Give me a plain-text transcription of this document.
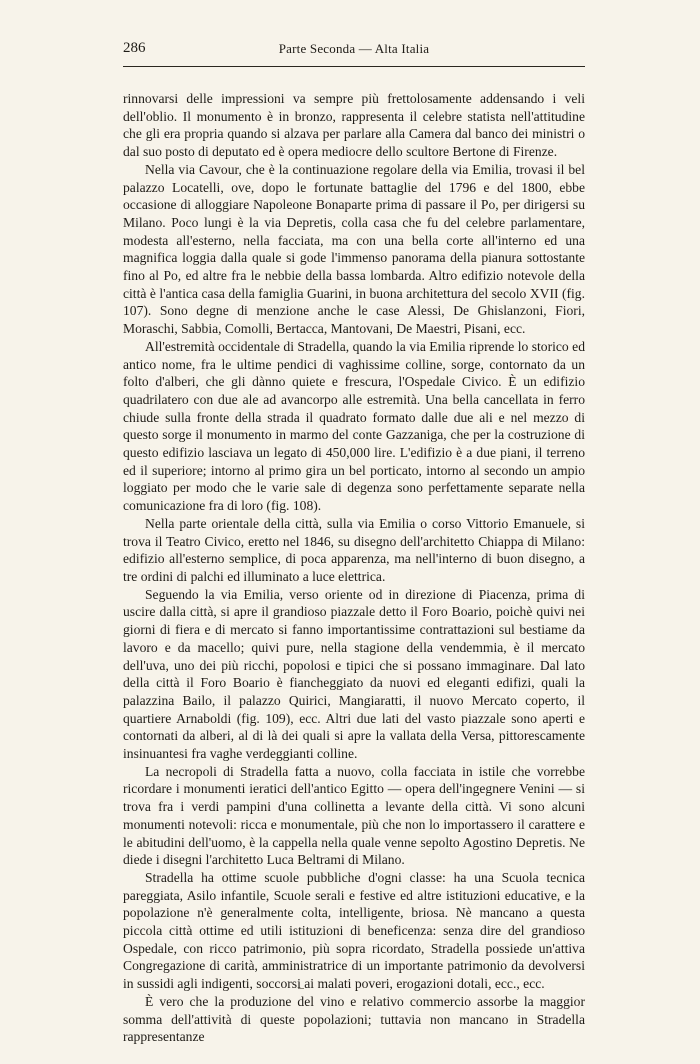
286	Parte Seconda — Alta Italia

rinnovarsi delle impressioni va sempre più frettolosamente addensando i veli dell'oblio. Il monumento è in bronzo, rappresenta il celebre statista nell'attitudine che gli era propria quando si alzava per parlare alla Camera dal banco dei ministri o dal suo posto di deputato ed è opera mediocre dello scultore Bertone di Firenze.

Nella via Cavour, che è la continuazione regolare della via Emilia, trovasi il bel palazzo Locatelli, ove, dopo le fortunate battaglie del 1796 e del 1800, ebbe occasione di alloggiare Napoleone Bonaparte prima di passare il Po, per dirigersi su Milano. Poco lungi è la via Depretis, colla casa che fu del celebre parlamentare, modesta all'esterno, nella facciata, ma con una bella corte all'interno ed una magnifica loggia dalla quale si gode l'immenso panorama della pianura sottostante fino al Po, ed altre fra le nebbie della bassa lombarda. Altro edifizio notevole della città è l'antica casa della famiglia Guarini, in buona architettura del secolo XVII (fig. 107). Sono degne di menzione anche le case Alessi, De Ghislanzoni, Fiori, Moraschi, Sabbia, Comolli, Bertacca, Mantovani, De Maestri, Pisani, ecc.

All'estremità occidentale di Stradella, quando la via Emilia riprende lo storico ed antico nome, fra le ultime pendici di vaghissime colline, sorge, contornato da un folto d'alberi, che gli dànno quiete e frescura, l'Ospedale Civico. È un edifizio quadrilatero con due ale ad avancorpo alle estremità. Una bella cancellata in ferro chiude sulla fronte della strada il quadrato formato dalle due ali e nel mezzo di questo sorge il monumento in marmo del conte Gazzaniga, che per la costruzione di questo edifizio lasciava un legato di 450,000 lire. L'edifizio è a due piani, il terreno ed il superiore; intorno al primo gira un bel porticato, intorno al secondo un ampio loggiato per modo che le varie sale di degenza sono perfettamente separate nella comunicazione fra di loro (fig. 108).

Nella parte orientale della città, sulla via Emilia o corso Vittorio Emanuele, si trova il Teatro Civico, eretto nel 1846, su disegno dell'architetto Chiappa di Milano: edifizio all'esterno semplice, di poca apparenza, ma nell'interno di buon disegno, a tre ordini di palchi ed illuminato a luce elettrica.

Seguendo la via Emilia, verso oriente od in direzione di Piacenza, prima di uscire dalla città, si apre il grandioso piazzale detto il Foro Boario, poichè quivi nei giorni di fiera e di mercato si fanno importantissime contrattazioni sul bestiame da lavoro e da macello; quivi pure, nella stagione della vendemmia, è il mercato dell'uva, uno dei più ricchi, popolosi e tipici che si possano immaginare. Dal lato della città il Foro Boario è fiancheggiato da nuovi ed eleganti edifizi, quali la palazzina Bailo, il palazzo Quirici, Mangiaratti, il nuovo Mercato coperto, il quartiere Arnaboldi (fig. 109), ecc. Altri due lati del vasto piazzale sono aperti e contornati da alberi, al di là dei quali si apre la vallata della Versa, pittorescamente insinuantesi fra vaghe verdeggianti colline.

La necropoli di Stradella fatta a nuovo, colla facciata in istile che vorrebbe ricordare i monumenti ieratici dell'antico Egitto — opera dell'ingegnere Venini — si trova fra i verdi pampini d'una collinetta a levante della città. Vi sono alcuni monumenti notevoli: ricca e monumentale, più che non lo importassero il carattere e le abitudini dell'uomo, è la cappella nella quale venne sepolto Agostino Depretis. Ne diede i disegni l'architetto Luca Beltrami di Milano.

Stradella ha ottime scuole pubbliche d'ogni classe: ha una Scuola tecnica pareggiata, Asilo infantile, Scuole serali e festive ed altre istituzioni educative, e la popolazione n'è generalmente colta, intelligente, briosa. Nè mancano a questa piccola città ottime ed utili istituzioni di beneficenza: senza dire del grandioso Ospedale, con ricco patrimonio, più sopra ricordato, Stradella possiede un'attiva Congregazione di carità, amministratrice di un importante patrimonio da devolversi in sussidi agli indigenti, soccorsi ai malati poveri, erogazioni dotali, ecc., ecc.

È vero che la produzione del vino e relativo commercio assorbe la maggior somma dell'attività di queste popolazioni; tuttavia non mancano in Stradella rappresentanze
